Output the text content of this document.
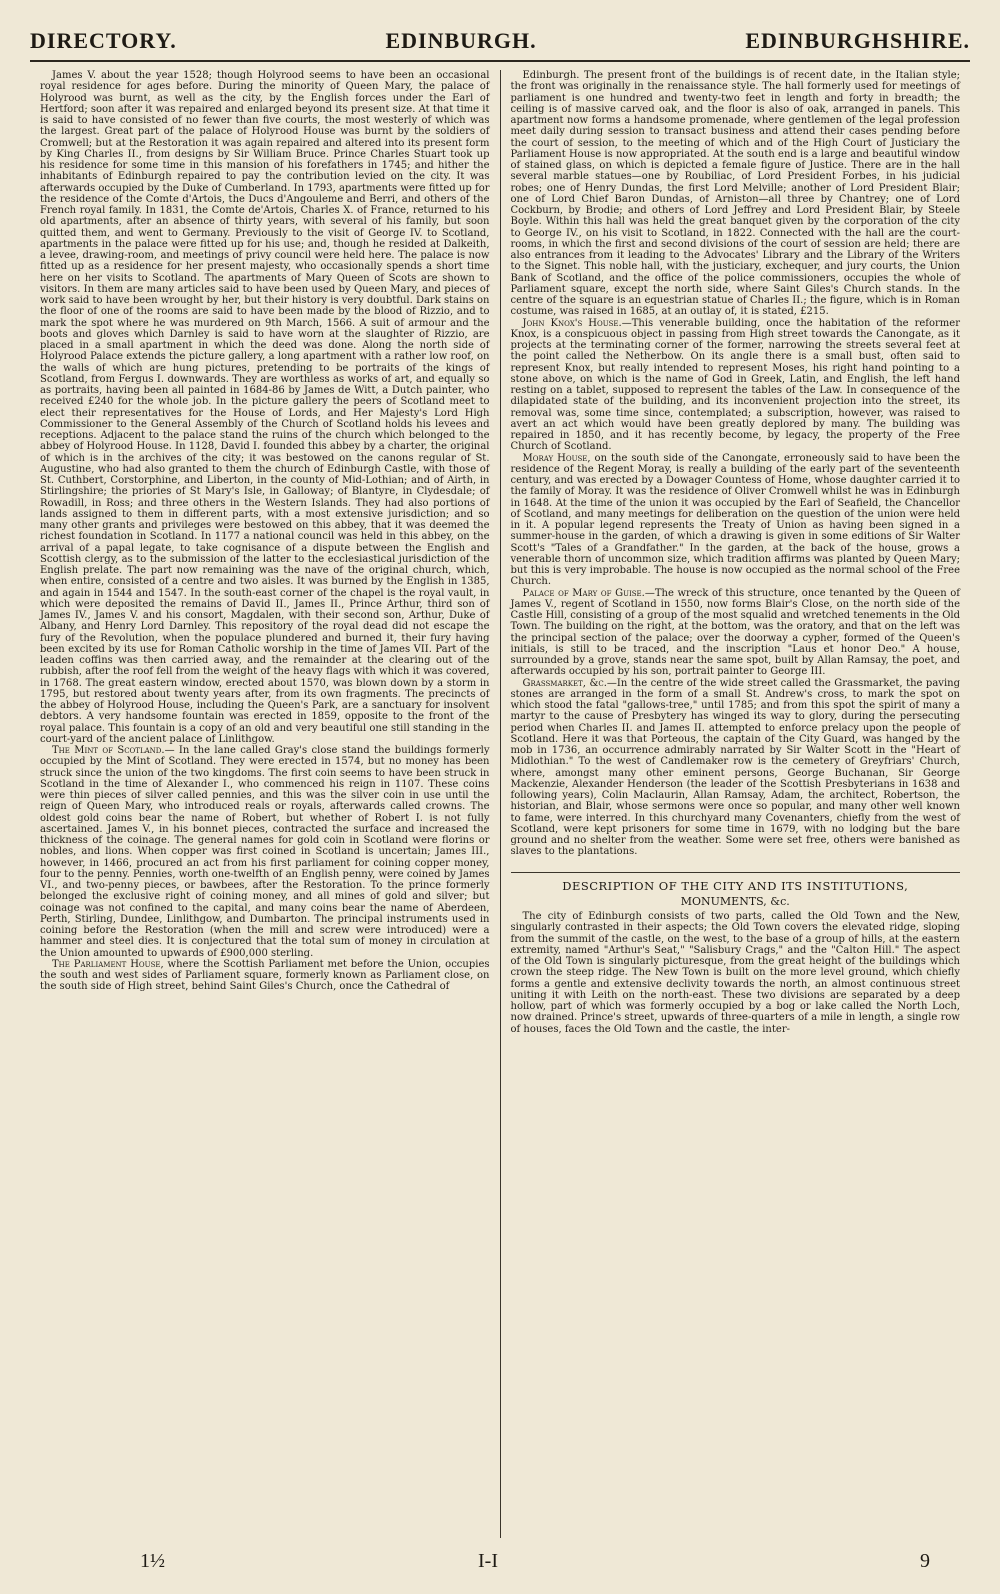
DIRECTORY.	EDINBURGH.	EDINBURGHSHIRE.

James V. about the year 1528; though Holyrood seems to have been an occasional royal residence for ages before. During the minority of Queen Mary, the palace of Holyrood was burnt, as well as the city, by the English forces under the Earl of Hertford; soon after it was repaired and enlarged beyond its present size. At that time it is said to have consisted of no fewer than five courts, the most westerly of which was the largest. Great part of the palace of Holyrood House was burnt by the soldiers of Cromwell; but at the Restoration it was again repaired and altered into its present form by King Charles II., from designs by Sir William Bruce. Prince Charles Stuart took up his residence for some time in this mansion of his forefathers in 1745; and hither the inhabitants of Edinburgh repaired to pay the contribution levied on the city. It was afterwards occupied by the Duke of Cumberland. In 1793, apartments were fitted up for the residence of the Comte d'Artois, the Ducs d'Angouleme and Berri, and others of the French royal family. In 1831, the Comte de'Artois, Charles X. of France, returned to his old apartments, after an absence of thirty years, with several of his family, but soon quitted them, and went to Germany. Previously to the visit of George IV. to Scotland, apartments in the palace were fitted up for his use; and, though he resided at Dalkeith, a levee, drawing-room, and meetings of privy council were held here. The palace is now fitted up as a residence for her present majesty, who occasionally spends a short time here on her visits to Scotland. The apartments of Mary Queen of Scots are shown to visitors. In them are many articles said to have been used by Queen Mary, and pieces of work said to have been wrought by her, but their history is very doubtful. Dark stains on the floor of one of the rooms are said to have been made by the blood of Rizzio, and to mark the spot where he was murdered on 9th March, 1566. A suit of armour and the boots and gloves which Darnley is said to have worn at the slaughter of Rizzio, are placed in a small apartment in which the deed was done. Along the north side of Holyrood Palace extends the picture gallery, a long apartment with a rather low roof, on the walls of which are hung pictures, pretending to be portraits of the kings of Scotland, from Fergus I. downwards. They are worthless as works of art, and equally so as portraits, having been all painted in 1684-86 by James de Witt, a Dutch painter, who received £240 for the whole job. In the picture gallery the peers of Scotland meet to elect their representatives for the House of Lords, and Her Majesty's Lord High Commissioner to the General Assembly of the Church of Scotland holds his levees and receptions. Adjacent to the palace stand the ruins of the church which belonged to the abbey of Holyrood House. In 1128, David I. founded this abbey by a charter, the original of which is in the archives of the city; it was bestowed on the canons regular of St. Augustine, who had also granted to them the church of Edinburgh Castle, with those of St. Cuthbert, Corstorphine, and Liberton, in the county of Mid-Lothian; and of Airth, in Stirlingshire; the priories of St Mary's Isle, in Galloway; of Blantyre, in Clydesdale; of Rowadill, in Ross; and three others in the Western Islands. They had also portions of lands assigned to them in different parts, with a most extensive jurisdiction; and so many other grants and privileges were bestowed on this abbey, that it was deemed the richest foundation in Scotland. In 1177 a national council was held in this abbey, on the arrival of a papal legate, to take cognisance of a dispute between the English and Scottish clergy, as to the submission of the latter to the ecclesiastical jurisdiction of the English prelate. The part now remaining was the nave of the original church, which, when entire, consisted of a centre and two aisles. It was burned by the English in 1385, and again in 1544 and 1547. In the south-east corner of the chapel is the royal vault, in which were deposited the remains of David II., James II., Prince Arthur, third son of James IV., James V. and his consort, Magdalen, with their second son, Arthur, Duke of Albany, and Henry Lord Darnley. This repository of the royal dead did not escape the fury of the Revolution, when the populace plundered and burned it, their fury having been excited by its use for Roman Catholic worship in the time of James VII. Part of the leaden coffins was then carried away, and the remainder at the clearing out of the rubbish, after the roof fell from the weight of the heavy flags with which it was covered, in 1768. The great eastern window, erected about 1570, was blown down by a storm in 1795, but restored about twenty years after, from its own fragments. The precincts of the abbey of Holyrood House, including the Queen's Park, are a sanctuary for insolvent debtors. A very handsome fountain was erected in 1859, opposite to the front of the royal palace. This fountain is a copy of an old and very beautiful one still standing in the court-yard of the ancient palace of Linlithgow.

The Mint of Scotland.— In the lane called Gray's close stand the buildings formerly occupied by the Mint of Scotland. They were erected in 1574, but no money has been struck since the union of the two kingdoms. The first coin seems to have been struck in Scotland in the time of Alexander I., who commenced his reign in 1107. These coins were thin pieces of silver called pennies, and this was the silver coin in use until the reign of Queen Mary, who introduced reals or royals, afterwards called crowns. The oldest gold coins bear the name of Robert, but whether of Robert I. is not fully ascertained. James V., in his bonnet pieces, contracted the surface and increased the thickness of the coinage. The general names for gold coin in Scotland were florins or nobles, and lions. When copper was first coined in Scotland is uncertain; James III., however, in 1466, procured an act from his first parliament for coining copper money, four to the penny. Pennies, worth one-twelfth of an English penny, were coined by James VI., and two-penny pieces, or bawbees, after the Restoration. To the prince formerly belonged the exclusive right of coining money, and all mines of gold and silver; but coinage was not confined to the capital, and many coins bear the name of Aberdeen, Perth, Stirling, Dundee, Linlithgow, and Dumbarton. The principal instruments used in coining before the Restoration (when the mill and screw were introduced) were a hammer and steel dies. It is conjectured that the total sum of money in circulation at the Union amounted to upwards of £900,000 sterling.

The Parliament House, where the Scottish Parliament met before the Union, occupies the south and west sides of Parliament square, formerly known as Parliament close, on the south side of High street, behind Saint Giles's Church, once the Cathedral of

Edinburgh. The present front of the buildings is of recent date, in the Italian style; the front was originally in the renaissance style. The hall formerly used for meetings of parliament is one hundred and twenty-two feet in length and forty in breadth; the ceiling is of massive carved oak, and the floor is also of oak, arranged in panels. This apartment now forms a handsome promenade, where gentlemen of the legal profession meet daily during session to transact business and attend their cases pending before the court of session, to the meeting of which and of the High Court of Justiciary the Parliament House is now appropriated. At the south end is a large and beautiful window of stained glass, on which is depicted a female figure of Justice. There are in the hall several marble statues—one by Roubiliac, of Lord President Forbes, in his judicial robes; one of Henry Dundas, the first Lord Melville; another of Lord President Blair; one of Lord Chief Baron Dundas, of Arniston—all three by Chantrey; one of Lord Cockburn, by Brodie; and others of Lord Jeffrey and Lord President Blair, by Steele Boyle. Within this hall was held the great banquet given by the corporation of the city to George IV., on his visit to Scotland, in 1822. Connected with the hall are the court-rooms, in which the first and second divisions of the court of session are held; there are also entrances from it leading to the Advocates' Library and the Library of the Writers to the Signet. This noble hall, with the justiciary, exchequer, and jury courts, the Union Bank of Scotland, and the office of the police commissioners, occupies the whole of Parliament square, except the north side, where Saint Giles's Church stands. In the centre of the square is an equestrian statue of Charles II.; the figure, which is in Roman costume, was raised in 1685, at an outlay of, it is stated, £215.

John Knox's House.—This venerable building, once the habitation of the reformer Knox, is a conspicuous object in passing from High street towards the Canongate, as it projects at the terminating corner of the former, narrowing the streets several feet at the point called the Netherbow. On its angle there is a small bust, often said to represent Knox, but really intended to represent Moses, his right hand pointing to a stone above, on which is the name of God in Greek, Latin, and English, the left hand resting on a tablet, supposed to represent the tables of the Law. In consequence of the dilapidated state of the building, and its inconvenient projection into the street, its removal was, some time since, contemplated; a subscription, however, was raised to avert an act which would have been greatly deplored by many. The building was repaired in 1850, and it has recently become, by legacy, the property of the Free Church of Scotland.

Moray House, on the south side of the Canongate, erroneously said to have been the residence of the Regent Moray, is really a building of the early part of the seventeenth century, and was erected by a Dowager Countess of Home, whose daughter carried it to the family of Moray. It was the residence of Oliver Cromwell whilst he was in Edinburgh in 1648. At the time of the union it was occupied by the Earl of Seafield, the Chancellor of Scotland, and many meetings for deliberation on the question of the union were held in it. A popular legend represents the Treaty of Union as having been signed in a summer-house in the garden, of which a drawing is given in some editions of Sir Walter Scott's "Tales of a Grandfather." In the garden, at the back of the house, grows a venerable thorn of uncommon size, which tradition affirms was planted by Queen Mary; but this is very improbable. The house is now occupied as the normal school of the Free Church.

Palace of Mary of Guise.—The wreck of this structure, once tenanted by the Queen of James V., regent of Scotland in 1550, now forms Blair's Close, on the north side of the Castle Hill, consisting of a group of the most squalid and wretched tenements in the Old Town. The building on the right, at the bottom, was the oratory, and that on the left was the principal section of the palace; over the doorway a cypher, formed of the Queen's initials, is still to be traced, and the inscription "Laus et honor Deo." A house, surrounded by a grove, stands near the same spot, built by Allan Ramsay, the poet, and afterwards occupied by his son, portrait painter to George III.

Grassmarket, &c.—In the centre of the wide street called the Grassmarket, the paving stones are arranged in the form of a small St. Andrew's cross, to mark the spot on which stood the fatal "gallows-tree," until 1785; and from this spot the spirit of many a martyr to the cause of Presbytery has winged its way to glory, during the persecuting period when Charles II. and James II. attempted to enforce prelacy upon the people of Scotland. Here it was that Porteous, the captain of the City Guard, was hanged by the mob in 1736, an occurrence admirably narrated by Sir Walter Scott in the "Heart of Midlothian." To the west of Candlemaker row is the cemetery of Greyfriars' Church, where, amongst many other eminent persons, George Buchanan, Sir George Mackenzie, Alexander Henderson (the leader of the Scottish Presbyterians in 1638 and following years), Colin Maclaurin, Allan Ramsay, Adam, the architect, Robertson, the historian, and Blair, whose sermons were once so popular, and many other well known to fame, were interred. In this churchyard many Covenanters, chiefly from the west of Scotland, were kept prisoners for some time in 1679, with no lodging but the bare ground and no shelter from the weather. Some were set free, others were banished as slaves to the plantations.

DESCRIPTION OF THE CITY AND ITS INSTITUTIONS,
MONUMENTS, &c.

The city of Edinburgh consists of two parts, called the Old Town and the New, singularly contrasted in their aspects; the Old Town covers the elevated ridge, sloping from the summit of the castle, on the west, to the base of a group of hills, at the eastern extremity, named "Arthur's Seat," "Salisbury Crags," and the "Calton Hill." The aspect of the Old Town is singularly picturesque, from the great height of the buildings which crown the steep ridge. The New Town is built on the more level ground, which chiefly forms a gentle and extensive declivity towards the north, an almost continuous street uniting it with Leith on the north-east. These two divisions are separated by a deep hollow, part of which was formerly occupied by a bog or lake called the North Loch, now drained. Prince's street, upwards of three-quarters of a mile in length, a single row of houses, faces the Old Town and the castle, the inter-

1½	I-I	9
